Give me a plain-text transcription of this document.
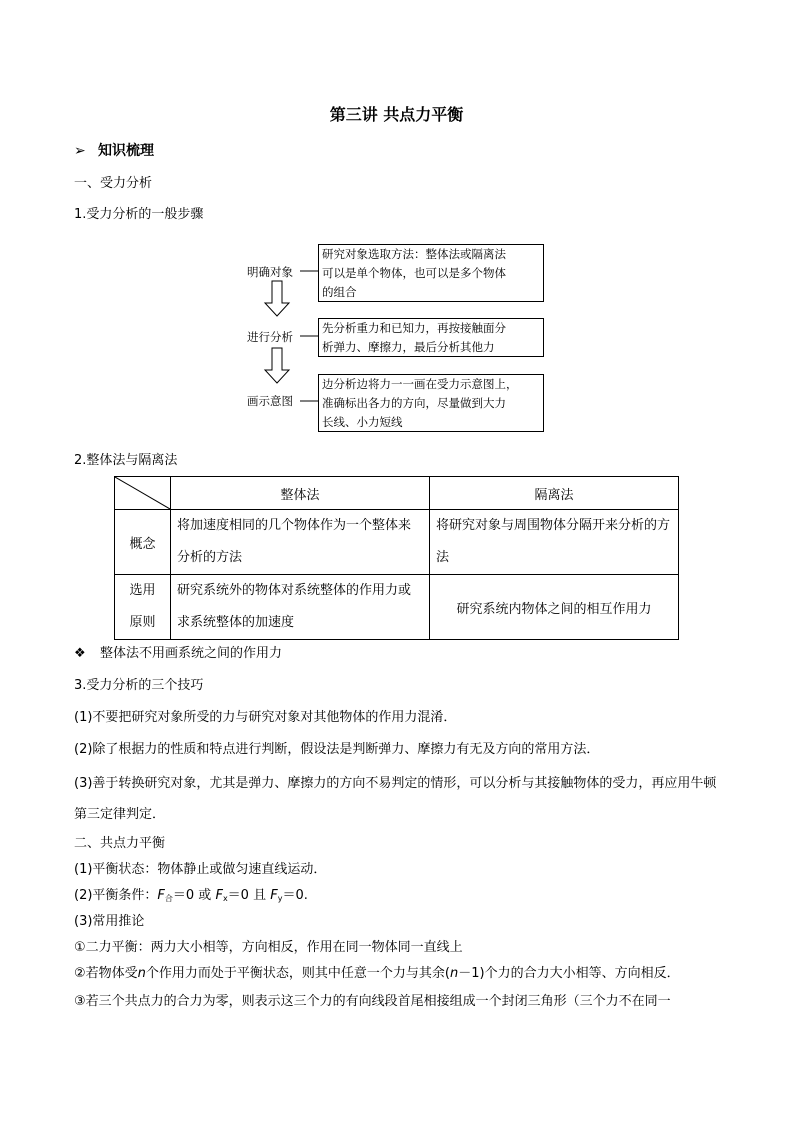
第三讲 共点力平衡
➢ 知识梳理
一、受力分析
1.受力分析的一般步骤
明确对象
进行分析
画示意图
研究对象选取方法：整体法或隔离法
可以是单个物体，也可以是多个物体
的组合
先分析重力和已知力，再按接触面分
析弹力、摩擦力，最后分析其他力
边分析边将力一一画在受力示意图上，
准确标出各力的方向，尽量做到大力
长线、小力短线
2.整体法与隔离法
	整体法	隔离法
概念	将加速度相同的几个物体作为一个整体来分析的方法	将研究对象与周围物体分隔开来分析的方法

选用
原则	研究系统外的物体对系统整体的作用力或求系统整体的加速度	研究系统内物体之间的相互作用力
❖ 整体法不用画系统之间的作用力
3.受力分析的三个技巧
(1)不要把研究对象所受的力与研究对象对其他物体的作用力混淆．
(2)除了根据力的性质和特点进行判断，假设法是判断弹力、摩擦力有无及方向的常用方法．
(3)善于转换研究对象，尤其是弹力、摩擦力的方向不易判定的情形，可以分析与其接触物体的受力，再应用牛顿第三定律判定．
二、共点力平衡
(1)平衡状态：物体静止或做匀速直线运动．
(2)平衡条件：$F_合=0$ 或 $F_x=0$ 且 $F_y=0$.
(3)常用推论
①二力平衡：两力大小相等，方向相反，作用在同一物体同一直线上
②若物体受n个作用力而处于平衡状态，则其中任意一个力与其余(n－1)个力的合力大小相等、方向相反．
③若三个共点力的合力为零，则表示这三个力的有向线段首尾相接组成一个封闭三角形（三个力不在同一
